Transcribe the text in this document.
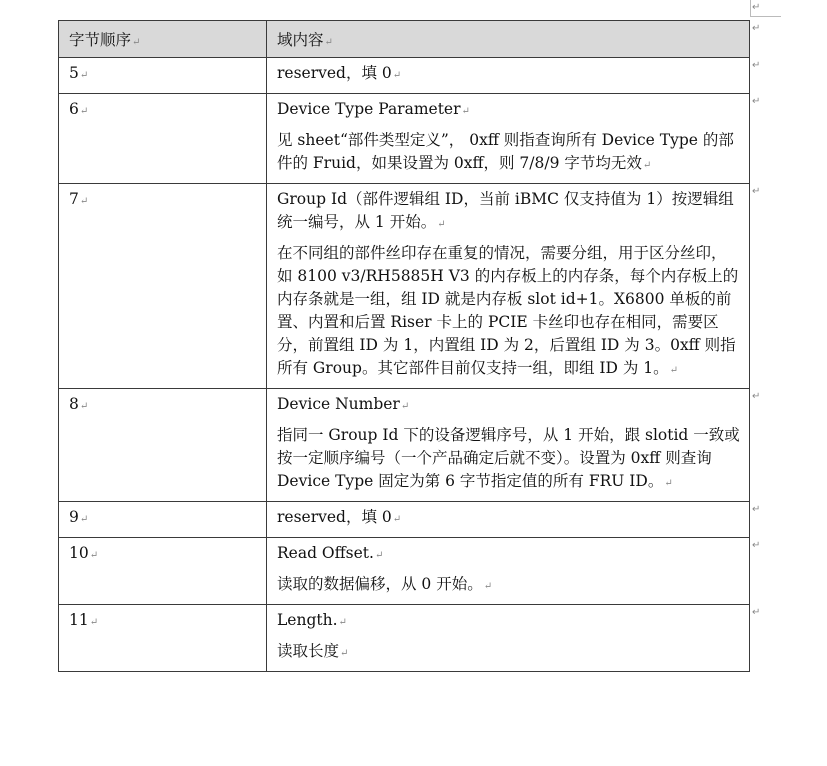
字节顺序↵	域内容↵
5↵	reserved，填 0↵

6↵	Device Type Parameter↵

见 sheet“部件类型定义”， 0xff 则指查询所有 Device Type 的部件的 Fruid，如果设置为 0xff，则 7/8/9 字节均无效↵

7↵	Group Id（部件逻辑组 ID，当前 iBMC 仅支持值为 1）按逻辑组统一编号，从 1 开始。↵

在不同组的部件丝印存在重复的情况，需要分组，用于区分丝印，如 8100 v3/RH5885H V3 的内存板上的内存条，每个内存板上的内存条就是一组，组 ID 就是内存板 slot id+1。X6800 单板的前置、内置和后置 Riser 卡上的 PCIE 卡丝印也存在相同，需要区分，前置组 ID 为 1，内置组 ID 为 2，后置组 ID 为 3。0xff 则指所有 Group。其它部件目前仅支持一组，即组 ID 为 1。↵

8↵	Device Number↵

指同一 Group Id 下的设备逻辑序号，从 1 开始，跟 slotid 一致或按一定顺序编号（一个产品确定后就不变）。设置为 0xff 则查询 Device Type 固定为第 6 字节指定值的所有 FRU ID。↵

9↵	reserved，填 0↵

10↵	Read Offset.↵

读取的数据偏移，从 0 开始。↵

11↵	Length.↵

读取长度↵

↵
↵
↵
↵
↵
↵
↵
↵
↵
